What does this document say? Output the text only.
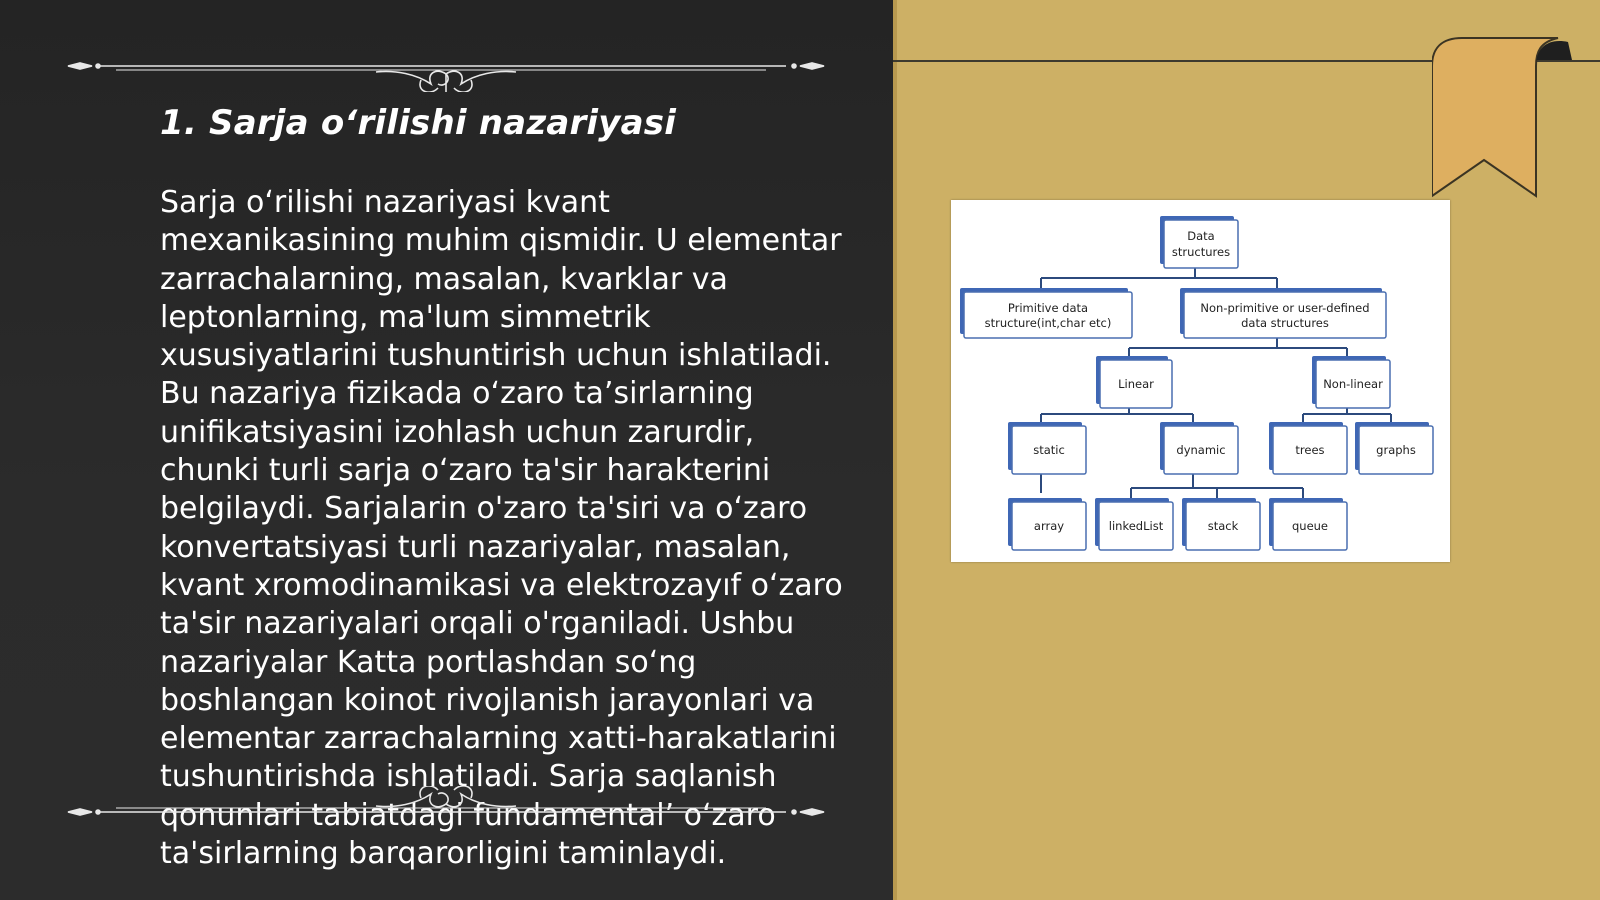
1. Sarja o‘rilishi nazariyasi

Sarja o‘rilishi nazariyasi kvant mexanikasining muhim qismidir. U elementar zarrachalarning, masalan, kvarklar va leptonlarning, ma'lum simmetrik xususiyatlarini tushuntirish uchun ishlatiladi. Bu nazariya fizikada o‘zaro ta’sirlarning unifikatsiyasini izohlash uchun zarurdir, chunki turli sarja o‘zaro ta'sir harakterini belgilaydi. Sarjaları̇n o'zaro ta'siri va o‘zaro konvertatsiyasi turli nazariyalar, masalan, kvant xromodinamikasi va elektrozayıf o‘zaro ta'sir nazariyalari orqali o'rganiladi. Ushbu nazariyalar Katta portlashdan so‘ng boshlangan koinot rivojlanish jarayonlari va elementar zarrachalarning xatti-harakatlarini tushuntirishda ishlatiladi. Sarja saqlanish qonunlari tabiatdagi fundamental’ o‘zaro ta'sirlarning barqarorligini taminlaydi.

Data
structures
Primitive data
structure(int,char etc)
Non-primitive or user-defined
data structures
Linear	Non-linear
static	dynamic	trees	graphs
array	linkedList	stack	queue
